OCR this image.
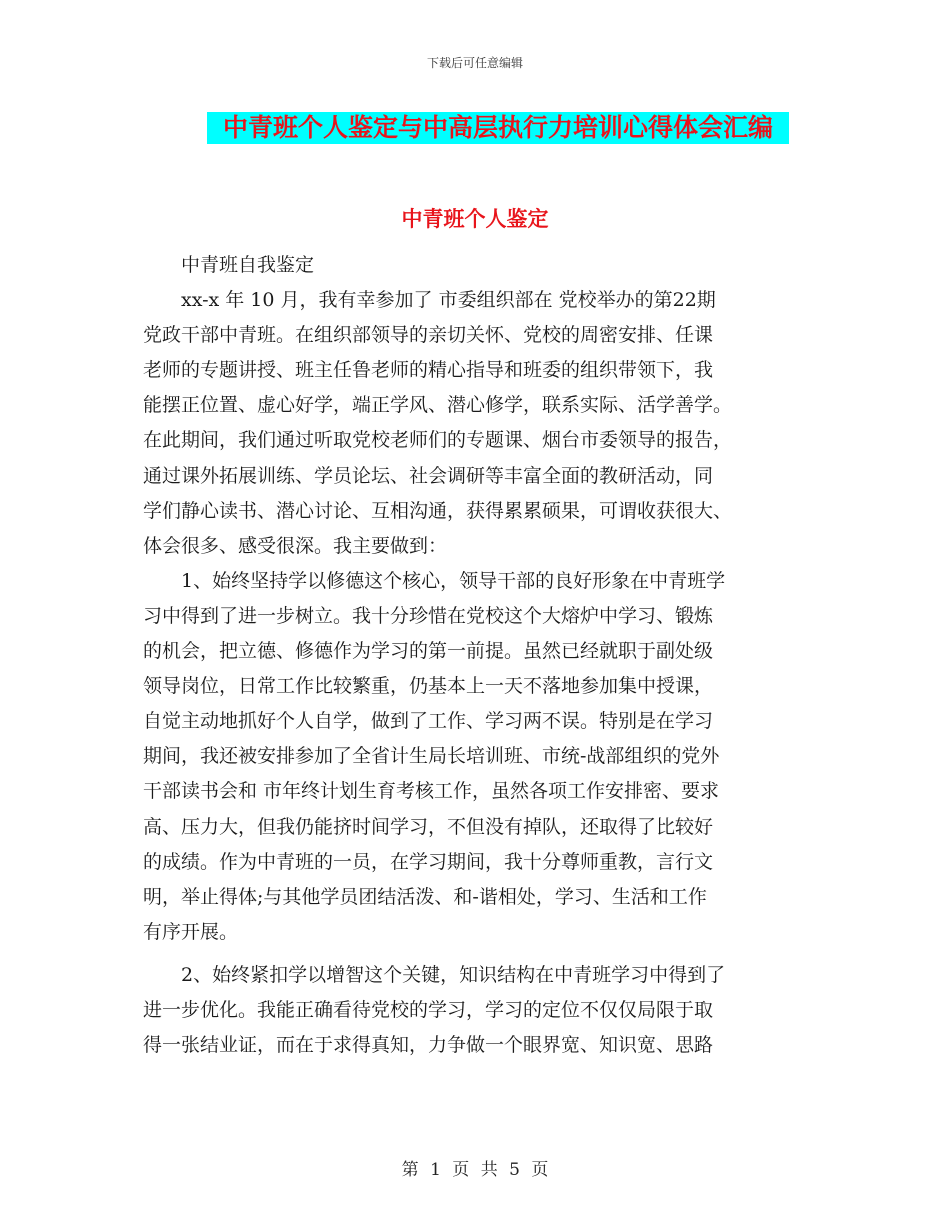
下载后可任意编辑
中青班个人鉴定与中高层执行力培训心得体会汇编
中青班个人鉴定
　　中青班自我鉴定
　　xx-x 年 10 月，我有幸参加了 市委组织部在 党校举办的第22期
党政干部中青班。在组织部领导的亲切关怀、党校的周密安排、任课
老师的专题讲授、班主任鲁老师的精心指导和班委的组织带领下，我
能摆正位置、虚心好学，端正学风、潜心修学，联系实际、活学善学。
在此期间，我们通过听取党校老师们的专题课、烟台市委领导的报告，
通过课外拓展训练、学员论坛、社会调研等丰富全面的教研活动，同
学们静心读书、潜心讨论、互相沟通，获得累累硕果，可谓收获很大、
体会很多、感受很深。我主要做到：
　　1、始终坚持学以修德这个核心，领导干部的良好形象在中青班学
习中得到了进一步树立。我十分珍惜在党校这个大熔炉中学习、锻炼
的机会，把立德、修德作为学习的第一前提。虽然已经就职于副处级
领导岗位，日常工作比较繁重，仍基本上一天不落地参加集中授课，
自觉主动地抓好个人自学，做到了工作、学习两不误。特别是在学习
期间，我还被安排参加了全省计生局长培训班、市统-战部组织的党外
干部读书会和 市年终计划生育考核工作，虽然各项工作安排密、要求
高、压力大，但我仍能挤时间学习，不但没有掉队，还取得了比较好
的成绩。作为中青班的一员，在学习期间，我十分尊师重教，言行文
明，举止得体;与其他学员团结活泼、和-谐相处，学习、生活和工作
有序开展。
　　2、始终紧扣学以增智这个关键，知识结构在中青班学习中得到了
进一步优化。我能正确看待党校的学习，学习的定位不仅仅局限于取
得一张结业证，而在于求得真知，力争做一个眼界宽、知识宽、思路
第 1 页 共 5 页
